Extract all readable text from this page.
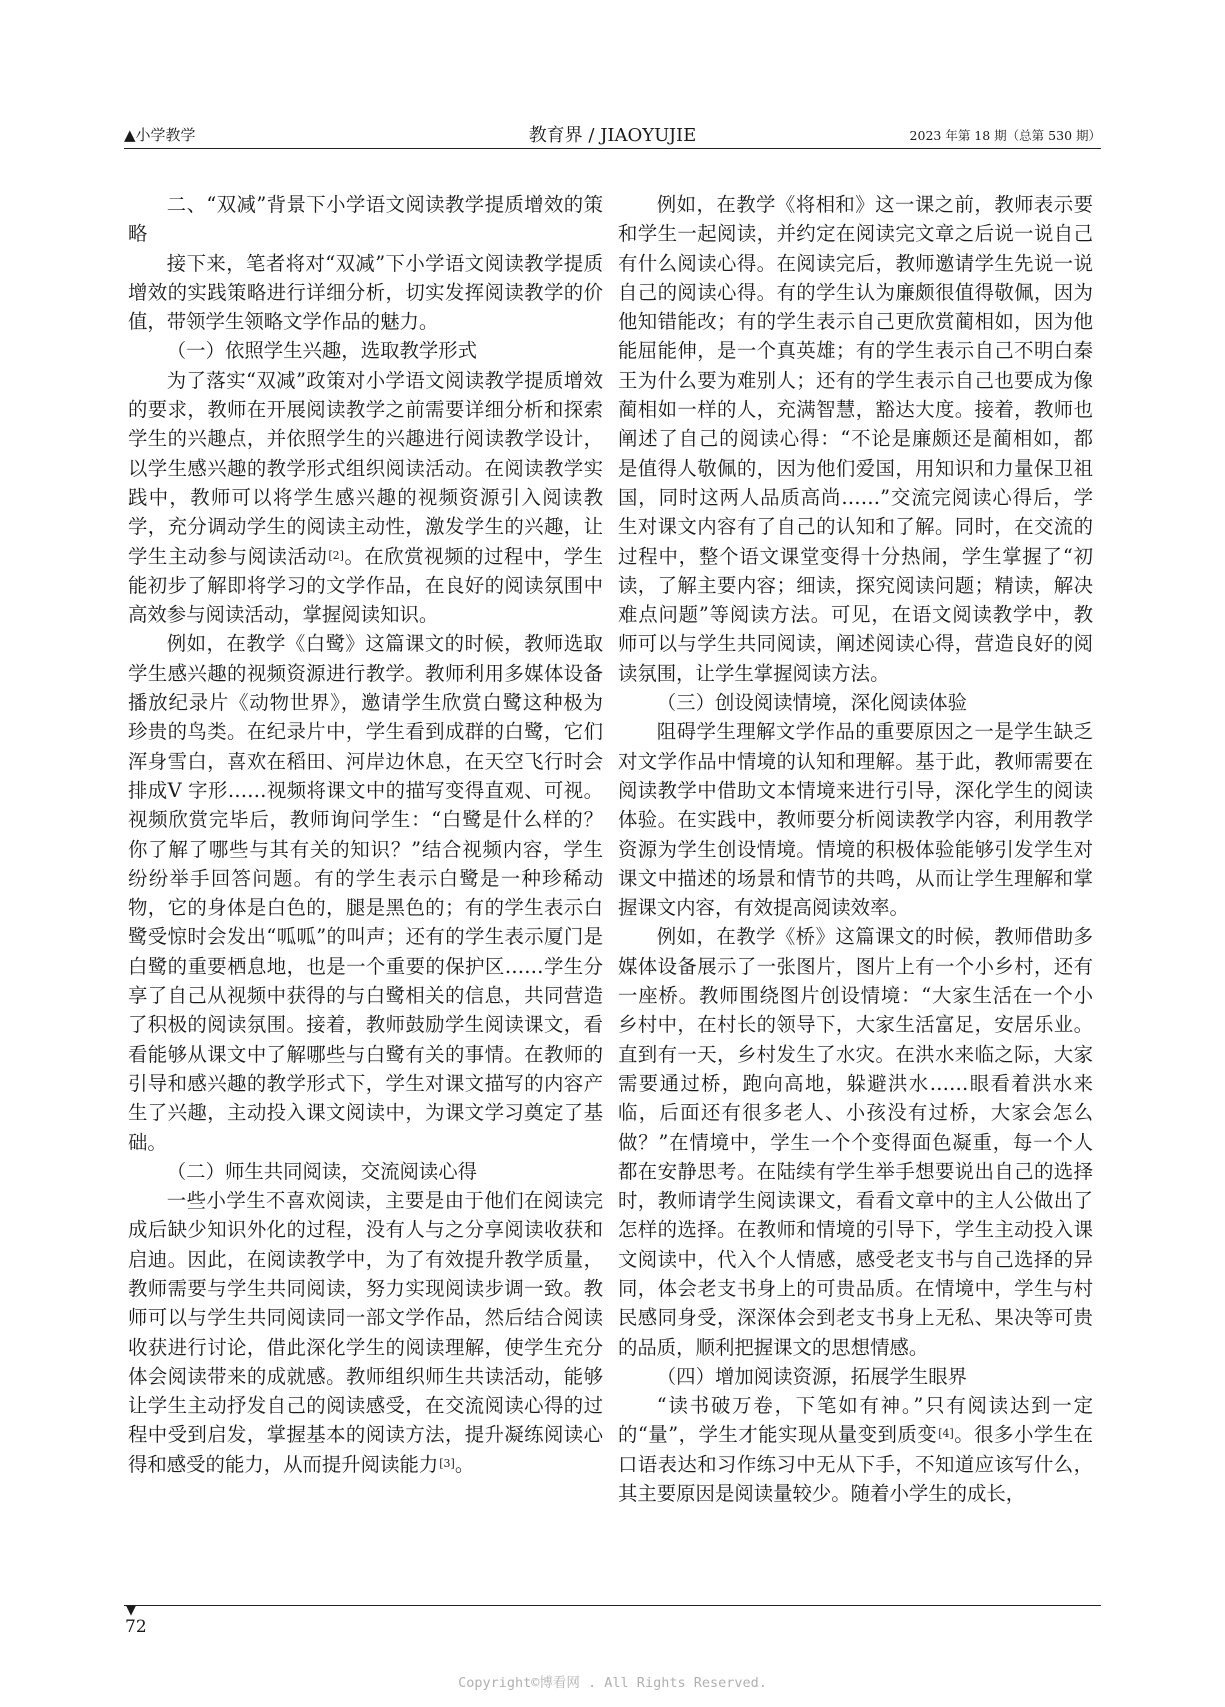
▲小学教学	教育界 / JIAOYUJIE	2023 年第 18 期（总第 530 期）

二、“双减”背景下小学语文阅读教学提质增效的策略

接下来，笔者将对“双减”下小学语文阅读教学提质增效的实践策略进行详细分析，切实发挥阅读教学的价值，带领学生领略文学作品的魅力。

（一）依照学生兴趣，选取教学形式

为了落实“双减”政策对小学语文阅读教学提质增效的要求，教师在开展阅读教学之前需要详细分析和探索学生的兴趣点，并依照学生的兴趣进行阅读教学设计，以学生感兴趣的教学形式组织阅读活动。在阅读教学实践中，教师可以将学生感兴趣的视频资源引入阅读教学，充分调动学生的阅读主动性，激发学生的兴趣，让学生主动参与阅读活动[2]。在欣赏视频的过程中，学生能初步了解即将学习的文学作品，在良好的阅读氛围中高效参与阅读活动，掌握阅读知识。

例如，在教学《白鹭》这篇课文的时候，教师选取学生感兴趣的视频资源进行教学。教师利用多媒体设备播放纪录片《动物世界》，邀请学生欣赏白鹭这种极为珍贵的鸟类。在纪录片中，学生看到成群的白鹭，它们浑身雪白，喜欢在稻田、河岸边休息，在天空飞行时会排成V 字形……视频将课文中的描写变得直观、可视。视频欣赏完毕后，教师询问学生：“白鹭是什么样的？你了解了哪些与其有关的知识？”结合视频内容，学生纷纷举手回答问题。有的学生表示白鹭是一种珍稀动物，它的身体是白色的，腿是黑色的；有的学生表示白鹭受惊时会发出“呱呱”的叫声；还有的学生表示厦门是白鹭的重要栖息地，也是一个重要的保护区……学生分享了自己从视频中获得的与白鹭相关的信息，共同营造了积极的阅读氛围。接着，教师鼓励学生阅读课文，看看能够从课文中了解哪些与白鹭有关的事情。在教师的引导和感兴趣的教学形式下，学生对课文描写的内容产生了兴趣，主动投入课文阅读中，为课文学习奠定了基础。

（二）师生共同阅读，交流阅读心得

一些小学生不喜欢阅读，主要是由于他们在阅读完成后缺少知识外化的过程，没有人与之分享阅读收获和启迪。因此，在阅读教学中，为了有效提升教学质量，教师需要与学生共同阅读，努力实现阅读步调一致。教师可以与学生共同阅读同一部文学作品，然后结合阅读收获进行讨论，借此深化学生的阅读理解，使学生充分体会阅读带来的成就感。教师组织师生共读活动，能够让学生主动抒发自己的阅读感受，在交流阅读心得的过程中受到启发，掌握基本的阅读方法，提升凝练阅读心得和感受的能力，从而提升阅读能力[3]。

例如，在教学《将相和》这一课之前，教师表示要和学生一起阅读，并约定在阅读完文章之后说一说自己有什么阅读心得。在阅读完后，教师邀请学生先说一说自己的阅读心得。有的学生认为廉颇很值得敬佩，因为他知错能改；有的学生表示自己更欣赏蔺相如，因为他能屈能伸，是一个真英雄；有的学生表示自己不明白秦王为什么要为难别人；还有的学生表示自己也要成为像蔺相如一样的人，充满智慧，豁达大度。接着，教师也阐述了自己的阅读心得：“不论是廉颇还是蔺相如，都是值得人敬佩的，因为他们爱国，用知识和力量保卫祖国，同时这两人品质高尚……”交流完阅读心得后，学生对课文内容有了自己的认知和了解。同时，在交流的过程中，整个语文课堂变得十分热闹，学生掌握了“初读，了解主要内容；细读，探究阅读问题；精读，解决难点问题”等阅读方法。可见，在语文阅读教学中，教师可以与学生共同阅读，阐述阅读心得，营造良好的阅读氛围，让学生掌握阅读方法。

（三）创设阅读情境，深化阅读体验

阻碍学生理解文学作品的重要原因之一是学生缺乏对文学作品中情境的认知和理解。基于此，教师需要在阅读教学中借助文本情境来进行引导，深化学生的阅读体验。在实践中，教师要分析阅读教学内容，利用教学资源为学生创设情境。情境的积极体验能够引发学生对课文中描述的场景和情节的共鸣，从而让学生理解和掌握课文内容，有效提高阅读效率。

例如，在教学《桥》这篇课文的时候，教师借助多媒体设备展示了一张图片，图片上有一个小乡村，还有一座桥。教师围绕图片创设情境：“大家生活在一个小乡村中，在村长的领导下，大家生活富足，安居乐业。直到有一天，乡村发生了水灾。在洪水来临之际，大家需要通过桥，跑向高地，躲避洪水……眼看着洪水来临，后面还有很多老人、小孩没有过桥，大家会怎么做？”在情境中，学生一个个变得面色凝重，每一个人都在安静思考。在陆续有学生举手想要说出自己的选择时，教师请学生阅读课文，看看文章中的主人公做出了怎样的选择。在教师和情境的引导下，学生主动投入课文阅读中，代入个人情感，感受老支书与自己选择的异同，体会老支书身上的可贵品质。在情境中，学生与村民感同身受，深深体会到老支书身上无私、果决等可贵的品质，顺利把握课文的思想情感。

（四）增加阅读资源，拓展学生眼界

“读书破万卷，下笔如有神。”只有阅读达到一定的“量”，学生才能实现从量变到质变[4]。很多小学生在口语表达和习作练习中无从下手，不知道应该写什么，其主要原因是阅读量较少。随着小学生的成长，

▼
72
Copyright©博看网 . All Rights Reserved.
